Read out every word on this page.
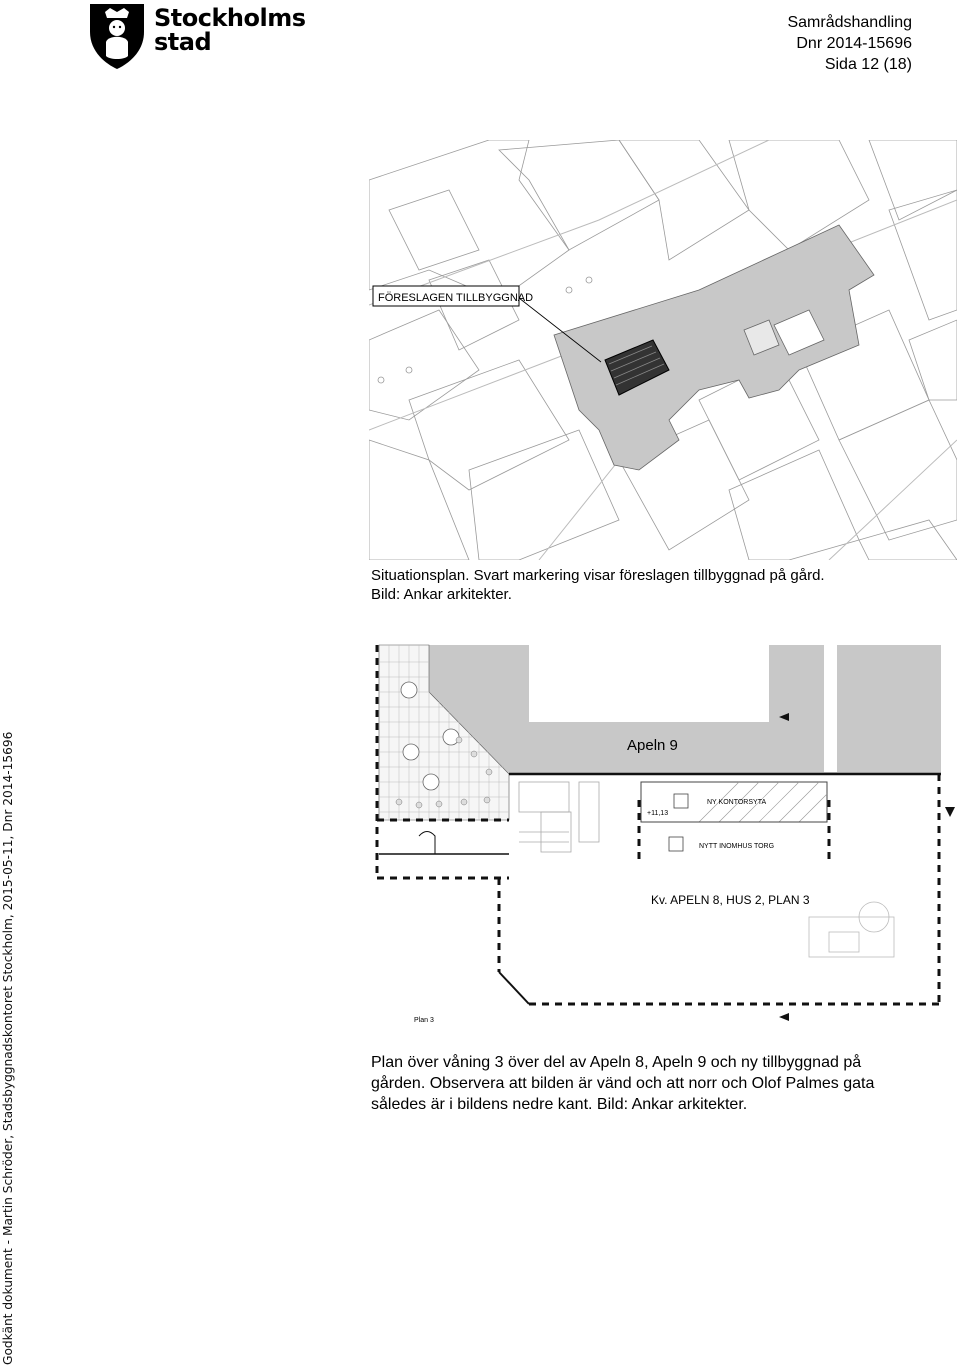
Stockholms
stad
Samrådshandling
Dnr 2014-15696
Sida 12 (18)
Godkänt dokument - Martin Schröder, Stadsbyggnadskontoret Stockholm, 2015-05-11, Dnr 2014-15696
FÖRESLAGEN TILLBYGGNAD
Situationsplan. Svart markering visar föreslagen tillbyggnad på gård.
Bild: Ankar arkitekter.
Apeln 9
NY KONTORSYTA
+11,13
NYTT INOMHUS TORG
Kv. APELN 8, HUS 2, PLAN 3
Plan 3
Plan över våning 3 över del av Apeln 8, Apeln 9 och ny tillbyggnad på
gården. Observera att bilden är vänd och att norr och Olof Palmes gata
således är i bildens nedre kant. Bild: Ankar arkitekter.
